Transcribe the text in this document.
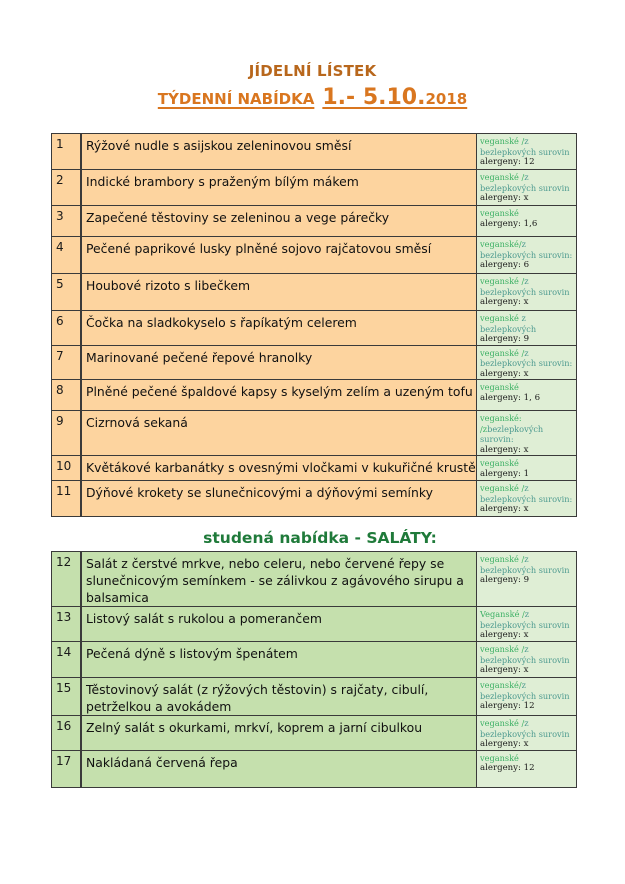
JÍDELNÍ LÍSTEK
TÝDENNÍ NABÍDKA 1.- 5.10.2018
1	Rýžové nudle s asijskou zeleninovou směsí	veganské /z bezlepkových surovin
alergeny: 12

2	Indické brambory s praženým bílým mákem	veganské /z bezlepkových surovin
alergeny: x

3	Zapečené těstoviny se zeleninou a vege párečky	veganské
alergeny: 1,6

4	Pečené paprikové lusky plněné sojovo rajčatovou směsí	veganské/z bezlepkových surovin:
alergeny: 6

5	Houbové rizoto s libečkem	veganské /z bezlepkových surovin
alergeny: x

6	Čočka na sladkokyselo s řapíkatým celerem	veganské z bezlepkových
alergeny: 9

7	Marinované pečené řepové hranolky	veganské /z bezlepkových surovin:
alergeny: x

8	Plněné pečené špaldové kapsy s kyselým zelím a uzeným tofu	veganské
alergeny: 1, 6

9	Cizrnová sekaná	veganské: /zbezlepkových surovin:
alergeny: x

10	Květákové karbanátky s ovesnými vločkami v kukuřičné krustě	veganské
alergeny: 1

11	Dýňové krokety se slunečnicovými a dýňovými semínky	veganské /z bezlepkových surovin:
alergeny: x
studená nabídka - SALÁTY:
12	Salát z čerstvé mrkve, nebo celeru, nebo červené řepy se slunečnicovým semínkem - se zálivkou z agávového sirupu a balsamica	veganské /z bezlepkových surovin
alergeny: 9

13	Listový salát s rukolou a pomerančem	Veganské /z bezlepkových surovin
alergeny: x

14	Pečená dýně s listovým špenátem	veganské /z bezlepkových surovin
alergeny: x

15	Těstovinový salát (z rýžových těstovin) s rajčaty, cibulí, petrželkou a avokádem	veganské/z bezlepkových surovin
alergeny: 12

16	Zelný salát s okurkami, mrkví, koprem a jarní cibulkou	veganské /z bezlepkových surovin
alergeny: x

17	Nakládaná červená řepa	veganské
alergeny: 12
